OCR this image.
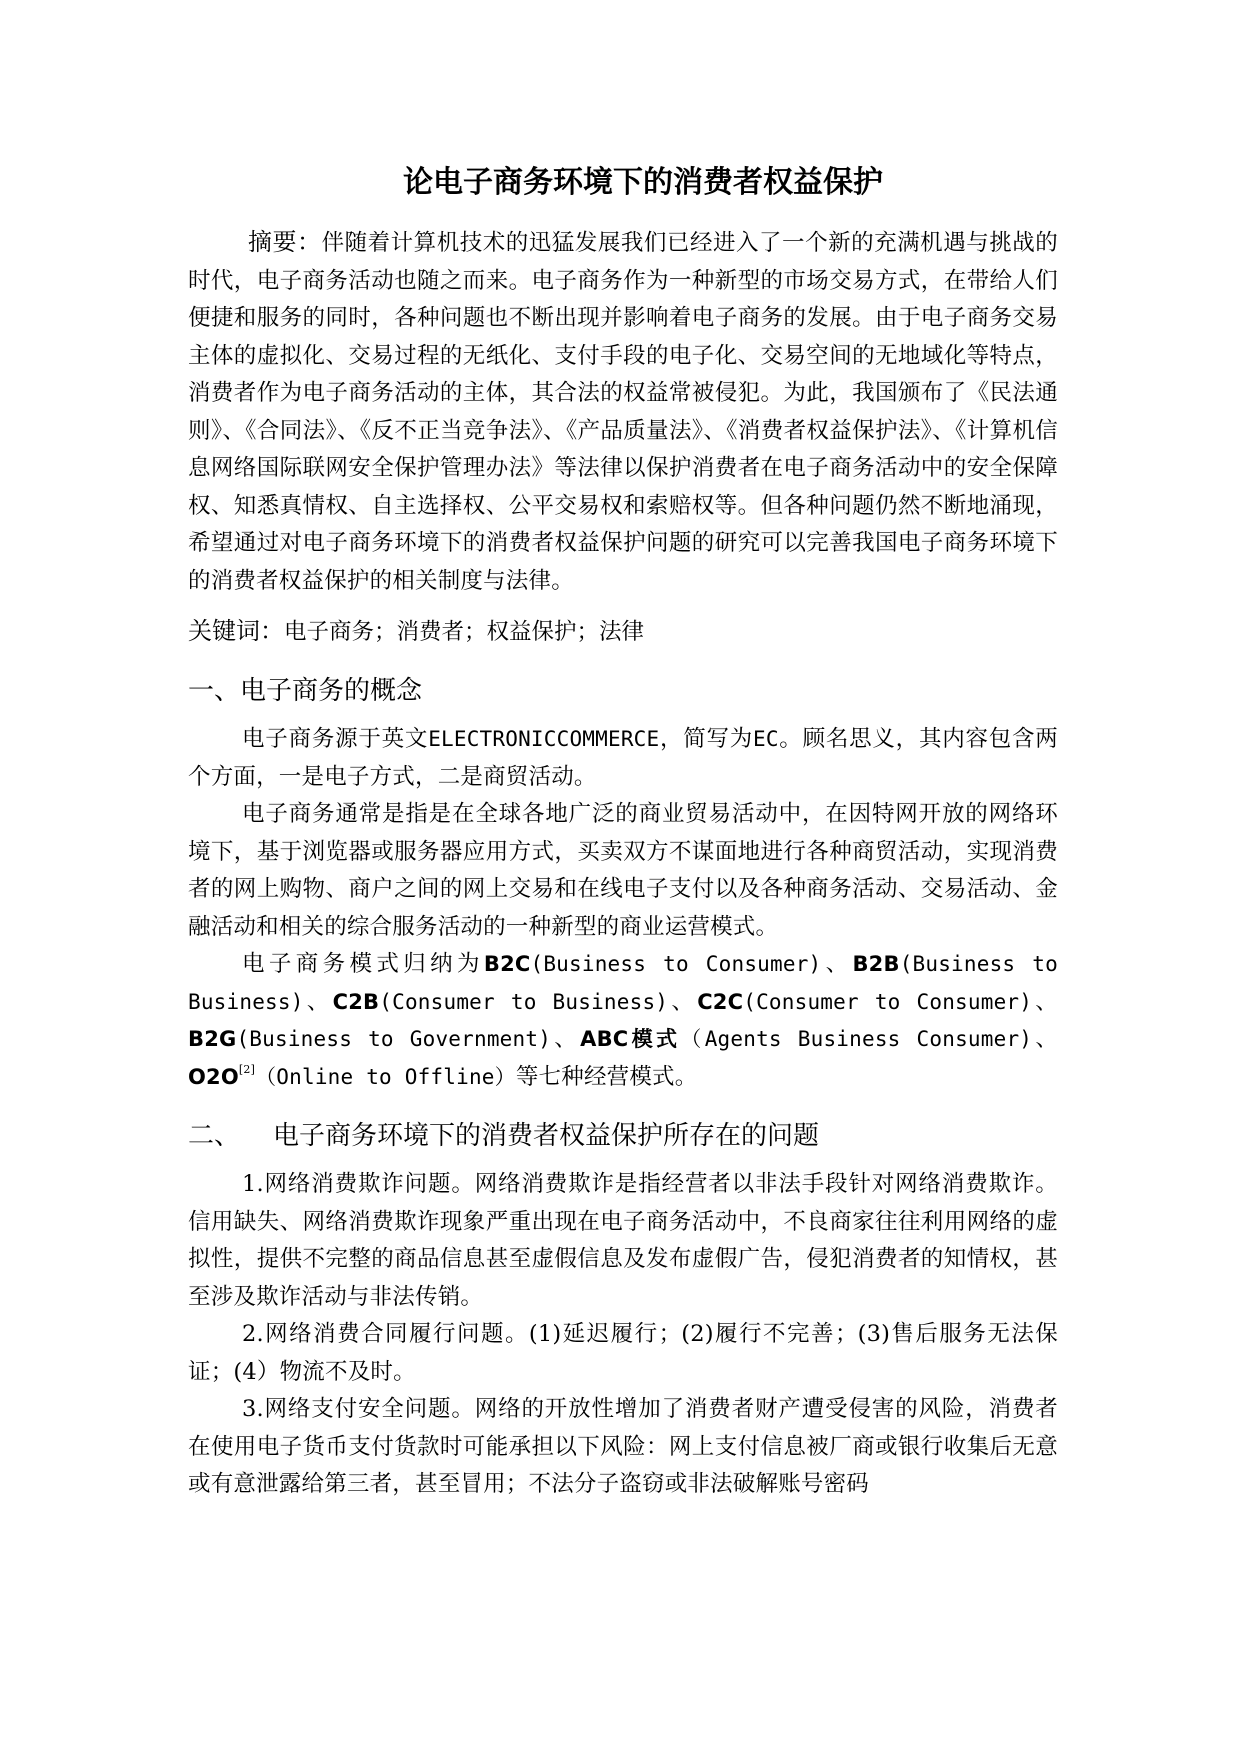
论电子商务环境下的消费者权益保护

摘要：伴随着计算机技术的迅猛发展我们已经进入了一个新的充满机遇与挑战的时代，电子商务活动也随之而来。电子商务作为一种新型的市场交易方式，在带给人们便捷和服务的同时，各种问题也不断出现并影响着电子商务的发展。由于电子商务交易主体的虚拟化、交易过程的无纸化、支付手段的电子化、交易空间的无地域化等特点，消费者作为电子商务活动的主体，其合法的权益常被侵犯。为此，我国颁布了《民法通则》、《合同法》、《反不正当竞争法》、《产品质量法》、《消费者权益保护法》、《计算机信息网络国际联网安全保护管理办法》等法律以保护消费者在电子商务活动中的安全保障权、知悉真情权、自主选择权、公平交易权和索赔权等。但各种问题仍然不断地涌现，希望通过对电子商务环境下的消费者权益保护问题的研究可以完善我国电子商务环境下的消费者权益保护的相关制度与法律。

关键词：电子商务；消费者；权益保护；法律

一、电子商务的概念

电子商务源于英文ELECTRONICCOMMERCE，简写为EC。顾名思义，其内容包含两个方面，一是电子方式，二是商贸活动。

电子商务通常是指是在全球各地广泛的商业贸易活动中，在因特网开放的网络环境下，基于浏览器或服务器应用方式，买卖双方不谋面地进行各种商贸活动，实现消费者的网上购物、商户之间的网上交易和在线电子支付以及各种商务活动、交易活动、金融活动和相关的综合服务活动的一种新型的商业运营模式。

电子商务模式归纳为B2C(Business to Consumer)、B2B(Business to Business)、C2B(Consumer to Business)、C2C(Consumer to Consumer)、B2G(Business to Government)、ABC模式（Agents Business Consumer)、O2O[2]（Online to Offline）等七种经营模式。

二、 电子商务环境下的消费者权益保护所存在的问题

1.网络消费欺诈问题。网络消费欺诈是指经营者以非法手段针对网络消费欺诈。信用缺失、网络消费欺诈现象严重出现在电子商务活动中，不良商家往往利用网络的虚拟性，提供不完整的商品信息甚至虚假信息及发布虚假广告，侵犯消费者的知情权，甚至涉及欺诈活动与非法传销。

2.网络消费合同履行问题。(1)延迟履行；(2)履行不完善；(3)售后服务无法保证；(4）物流不及时。

3.网络支付安全问题。网络的开放性增加了消费者财产遭受侵害的风险，消费者在使用电子货币支付货款时可能承担以下风险：网上支付信息被厂商或银行收集后无意或有意泄露给第三者，甚至冒用；不法分子盗窃或非法破解账号密码
